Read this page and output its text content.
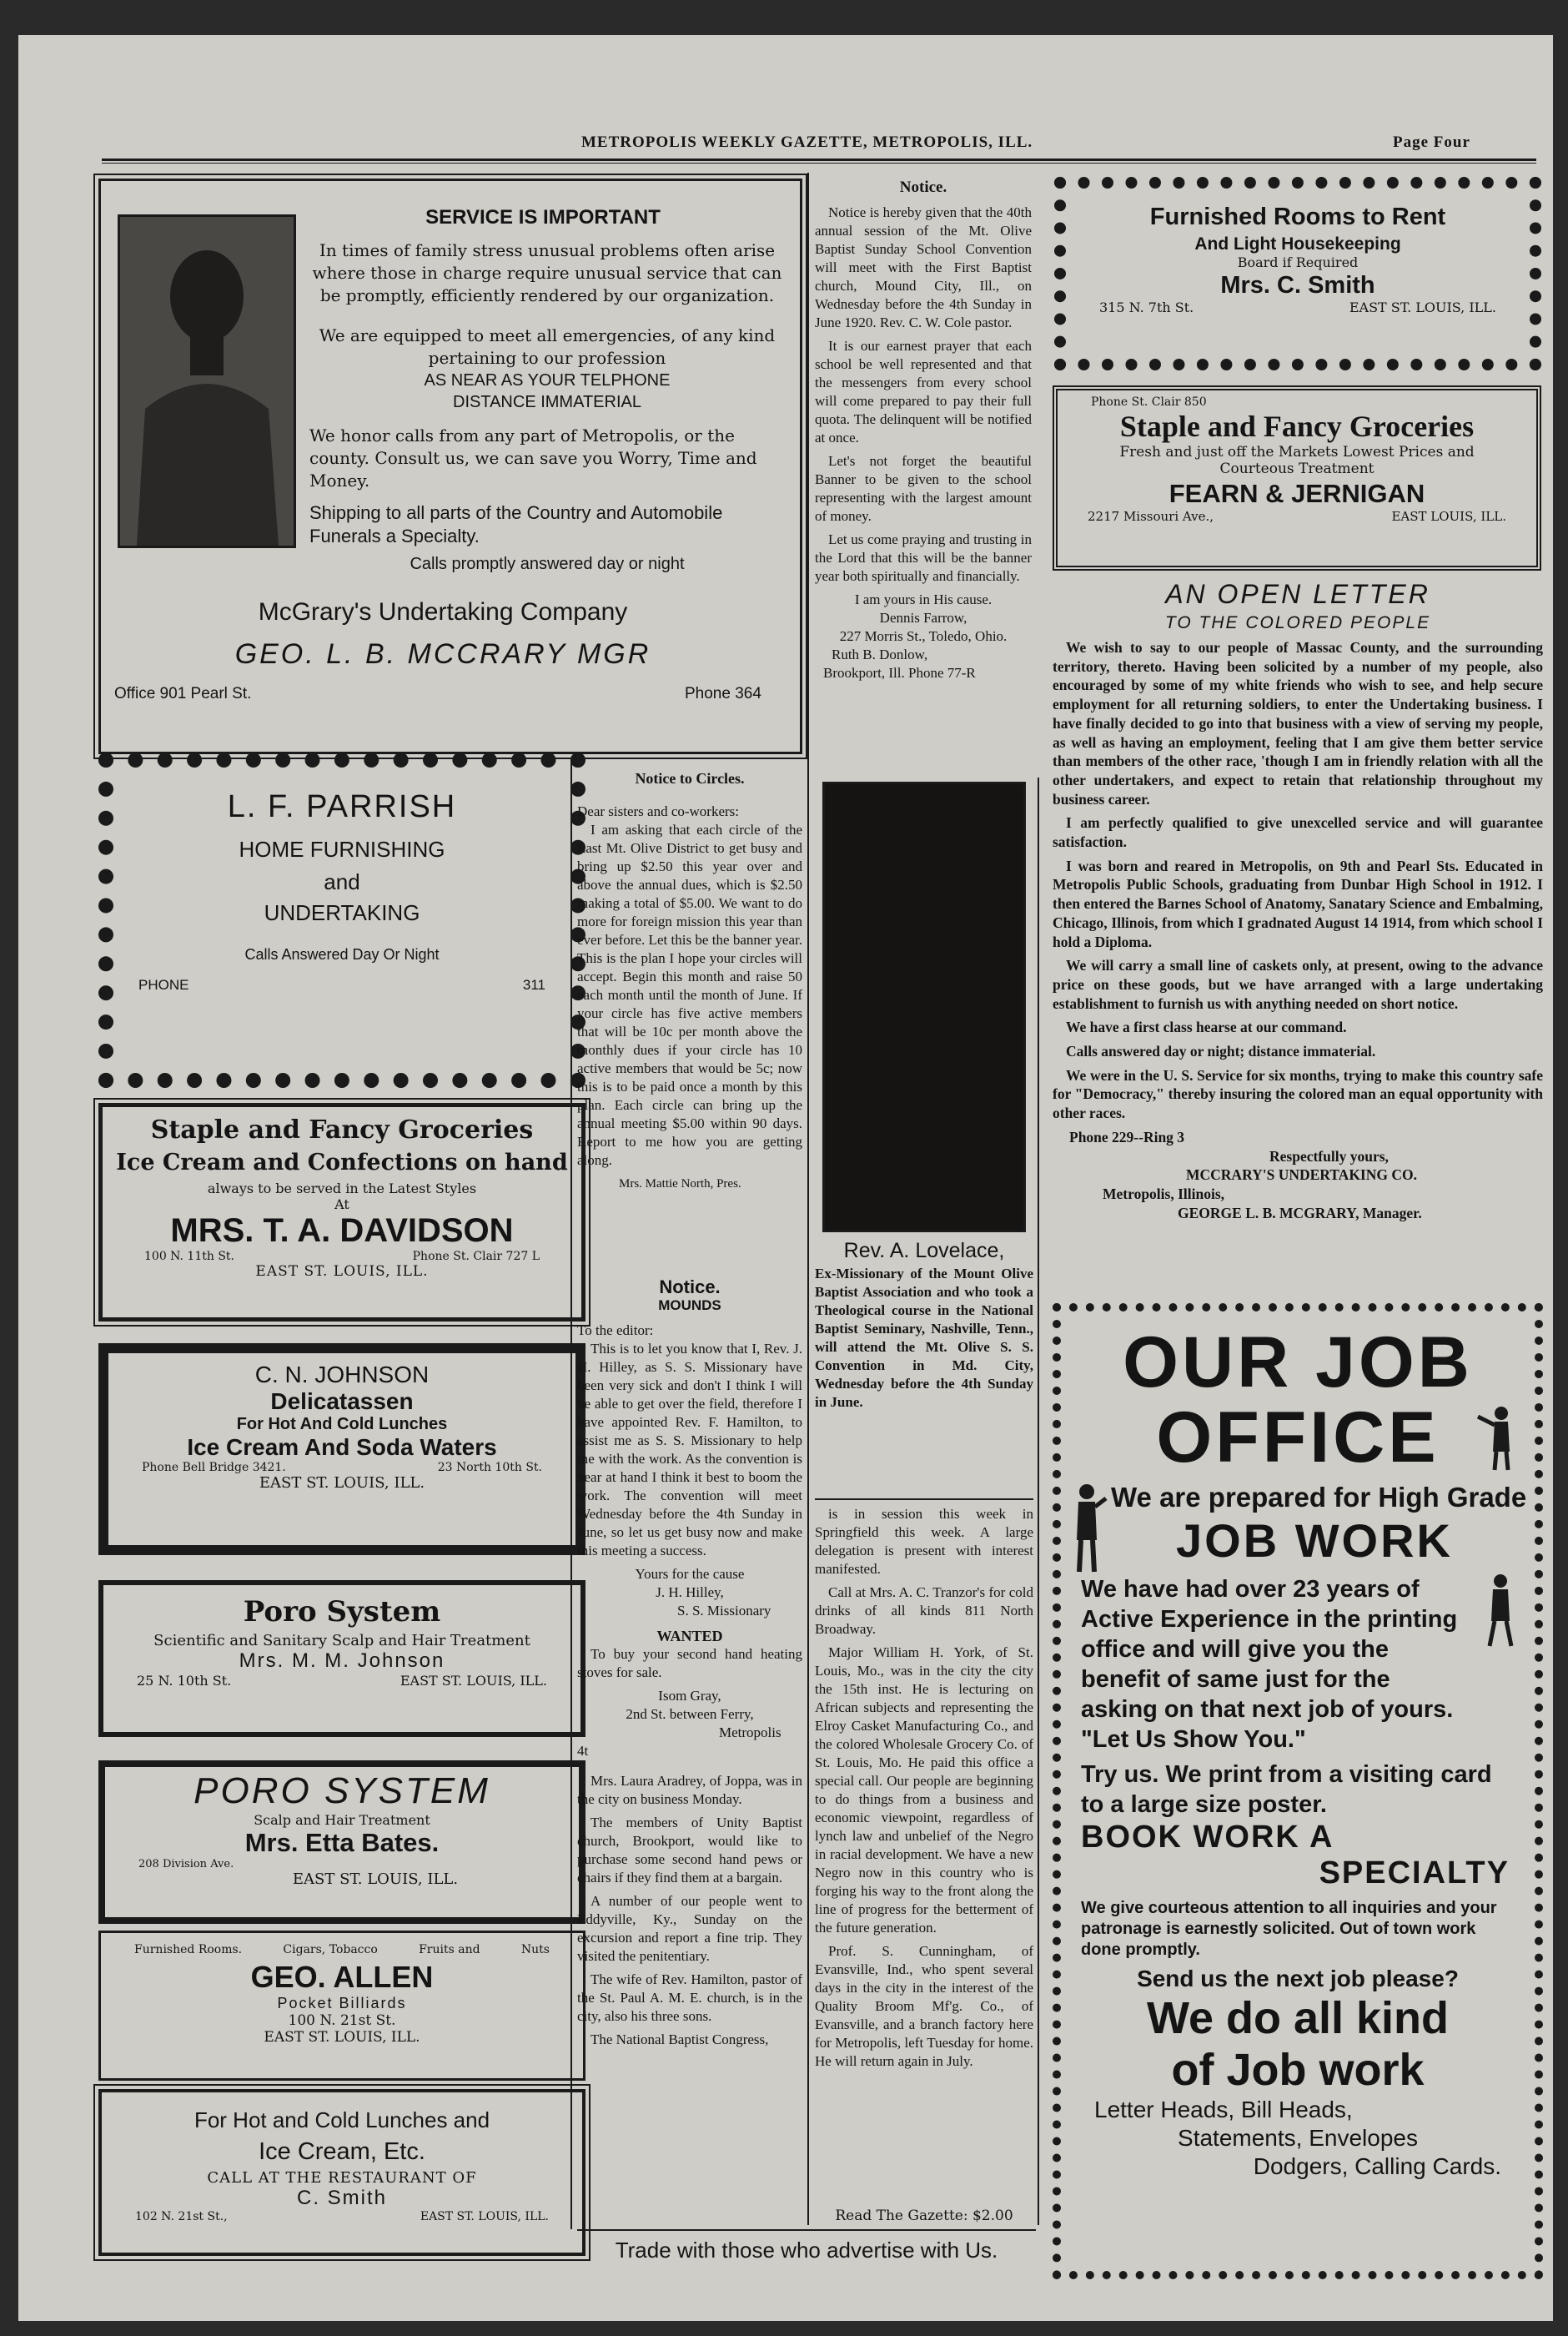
METROPOLIS WEEKLY GAZETTE, METROPOLIS, ILL.	Page Four
SERVICE IS IMPORTANT
In times of family stress unusual problems often arise where those in charge require unusual service that can be promptly, efficiently rendered by our organization.
We are equipped to meet all emergencies, of any kind pertaining to our profession
AS NEAR AS YOUR TELPHONE
DISTANCE IMMATERIAL
We honor calls from any part of Metropolis, or the county. Consult us, we can save you Worry, Time and Money.
Shipping to all parts of the Country and Automobile Funerals a Specialty.
Calls promptly answered day or night
McGrary's Undertaking Company
GEO. L. B. MCCRARY MGR
Office 901 Pearl St.	Phone 364
Notice.

Notice is hereby given that the 40th annual session of the Mt. Olive Baptist Sunday School Convention will meet with the First Baptist church, Mound City, Ill., on Wednesday before the 4th Sunday in June 1920. Rev. C. W. Cole pastor.

It is our earnest prayer that each school be well represented and that the messengers from every school will come prepared to pay their full quota. The delinquent will be notified at once.

Let's not forget the beautiful Banner to be given to the school representing with the largest amount of money.

Let us come praying and trusting in the Lord that this will be the banner year both spiritually and financially.

I am yours in His cause.
Dennis Farrow,
227 Morris St., Toledo, Ohio.
Ruth B. Donlow,
Brookport, Ill. Phone 77-R
Furnished Rooms to Rent
And Light Housekeeping
Board if Required
Mrs. C. Smith
315 N. 7th St.	EAST ST. LOUIS, ILL.
Phone St. Clair 850
Staple and Fancy Groceries
Fresh and just off the Markets Lowest Prices and
Courteous Treatment
FEARN & JERNIGAN
2217 Missouri Ave.,	EAST LOUIS, ILL.
AN OPEN LETTER
TO THE COLORED PEOPLE

We wish to say to our people of Massac County, and the surrounding territory, thereto. Having been solicited by a number of my people, also encouraged by some of my white friends who wish to see, and help secure employment for all returning soldiers, to enter the Undertaking business. I have finally decided to go into that business with a view of serving my people, as well as having an employment, feeling that I am give them better service than members of the other race, 'though I am in friendly relation with all the other undertakers, and expect to retain that relationship throughout my business career.

I am perfectly qualified to give unexcelled service and will guarantee satisfaction.

I was born and reared in Metropolis, on 9th and Pearl Sts. Educated in Metropolis Public Schools, graduating from Dunbar High School in 1912. I then entered the Barnes School of Anatomy, Sanatary Science and Embalming, Chicago, Illinois, from which I gradnated August 14 1914, from which school I hold a Diploma.

We will carry a small line of caskets only, at present, owing to the advance price on these goods, but we have arranged with a large undertaking establishment to furnish us with anything needed on short notice.

We have a first class hearse at our command.

Calls answered day or night; distance immaterial.

We were in the U. S. Service for six months, trying to make this country safe for "Democracy," thereby insuring the colored man an equal opportunity with other races.

Phone 229--Ring 3
Respectfully yours,
MCCRARY'S UNDERTAKING CO.
Metropolis, Illinois,
GEORGE L. B. MCGRARY, Manager.
L. F. PARRISH
HOME FURNISHING
and
UNDERTAKING
Calls Answered Day Or Night
PHONE	311
Notice to Circles.
Dear sisters and co-workers:

I am asking that each circle of the East Mt. Olive District to get busy and bring up $2.50 this year over and above the annual dues, which is $2.50 making a total of $5.00. We want to do more for foreign mission this year than ever before. Let this be the banner year. This is the plan I hope your circles will accept. Begin this month and raise 50 each month until the month of June. If your circle has five active members that will be 10c per month above the monthly dues if your circle has 10 active members that would be 5c; now this is to be paid once a month by this plan. Each circle can bring up the annual meeting $5.00 within 90 days. Report to me how you are getting along.

Mrs. Mattie North, Pres.
Staple and Fancy Groceries
Ice Cream and Confections on hand
always to be served in the Latest Styles
At
MRS. T. A. DAVIDSON
100 N. 11th St.	Phone St. Clair 727 L
EAST ST. LOUIS, ILL.
C. N. JOHNSON
Delicatassen
For Hot And Cold Lunches
Ice Cream And Soda Waters
Phone Bell Bridge 3421.	23 North 10th St.
EAST ST. LOUIS, ILL.
Poro System
Scientific and Sanitary Scalp and Hair Treatment
Mrs. M. M. Johnson
25 N. 10th St.	EAST ST. LOUIS, ILL.
PORO SYSTEM
Scalp and Hair Treatment
Mrs. Etta Bates.
208 Division Ave.
EAST ST. LOUIS, ILL.
Furnished Rooms.	Cigars, Tobacco	Fruits and	Nuts
GEO. ALLEN
Pocket Billiards
100 N. 21st St.
EAST ST. LOUIS, ILL.
For Hot and Cold Lunches and
Ice Cream, Etc.
CALL AT THE RESTAURANT OF
C. Smith
102 N. 21st St.,	EAST ST. LOUIS, ILL.
Notice.
MOUNDS
To the editor:

This is to let you know that I, Rev. J. H. Hilley, as S. S. Missionary have been very sick and don't I think I will be able to get over the field, therefore I have appointed Rev. F. Hamilton, to assist me as S. S. Missionary to help me with the work. As the convention is near at hand I think it best to boom the work. The convention will meet Wednesday before the 4th Sunday in June, so let us get busy now and make this meeting a success.

Yours for the cause
J. H. Hilley,
S. S. Missionary
WANTED

To buy your second hand heating stoves for sale.

Isom Gray,
2nd St. between Ferry,
Metropolis
4t

Mrs. Laura Aradrey, of Joppa, was in the city on business Monday.

The members of Unity Baptist church, Brookport, would like to purchase some second hand pews or chairs if they find them at a bargain.

A number of our people went to Eddyville, Ky., Sunday on the excursion and report a fine trip. They visited the penitentiary.

The wife of Rev. Hamilton, pastor of the St. Paul A. M. E. church, is in the city, also his three sons.

The National Baptist Congress,

Rev. A. Lovelace,
Ex-Missionary of the Mount Olive Baptist Association and who took a Theological course in the National Baptist Seminary, Nashville, Tenn., will attend the Mt. Olive S. S. Convention in Md. City, Wednesday before the 4th Sunday in June.

is in session this week in Springfield this week. A large delegation is present with interest manifested.

Call at Mrs. A. C. Tranzor's for cold drinks of all kinds 811 North Broadway.

Major William H. York, of St. Louis, Mo., was in the city the city the 15th inst. He is lecturing on African subjects and representing the Elroy Casket Manufacturing Co., and the colored Wholesale Grocery Co. of St. Louis, Mo. He paid this office a special call. Our people are beginning to do things from a business and economic viewpoint, regardless of lynch law and unbelief of the Negro in racial development. We have a new Negro now in this country who is forging his way to the front along the line of progress for the betterment of the future generation.

Prof. S. Cunningham, of Evansville, Ind., who spent several days in the city in the interest of the Quality Broom Mf'g. Co., of Evansville, and a branch factory here for Metropolis, left Tuesday for home. He will return again in July.

Read The Gazette: $2.00
Trade with those who advertise with Us.
OUR JOB
OFFICE
We are prepared for High Grade
JOB WORK
We have had over 23 years of Active Experience in the printing office and will give you the benefit of same just for the asking on that next job of yours. "Let Us Show You."
Try us. We print from a visiting card to a large size poster.
BOOK WORK A
SPECIALTY
We give courteous attention to all inquiries and your patronage is earnestly solicited. Out of town work done promptly.
Send us the next job please?
We do all kind
of Job work
Letter Heads, Bill Heads,
Statements, Envelopes
Dodgers, Calling Cards.
